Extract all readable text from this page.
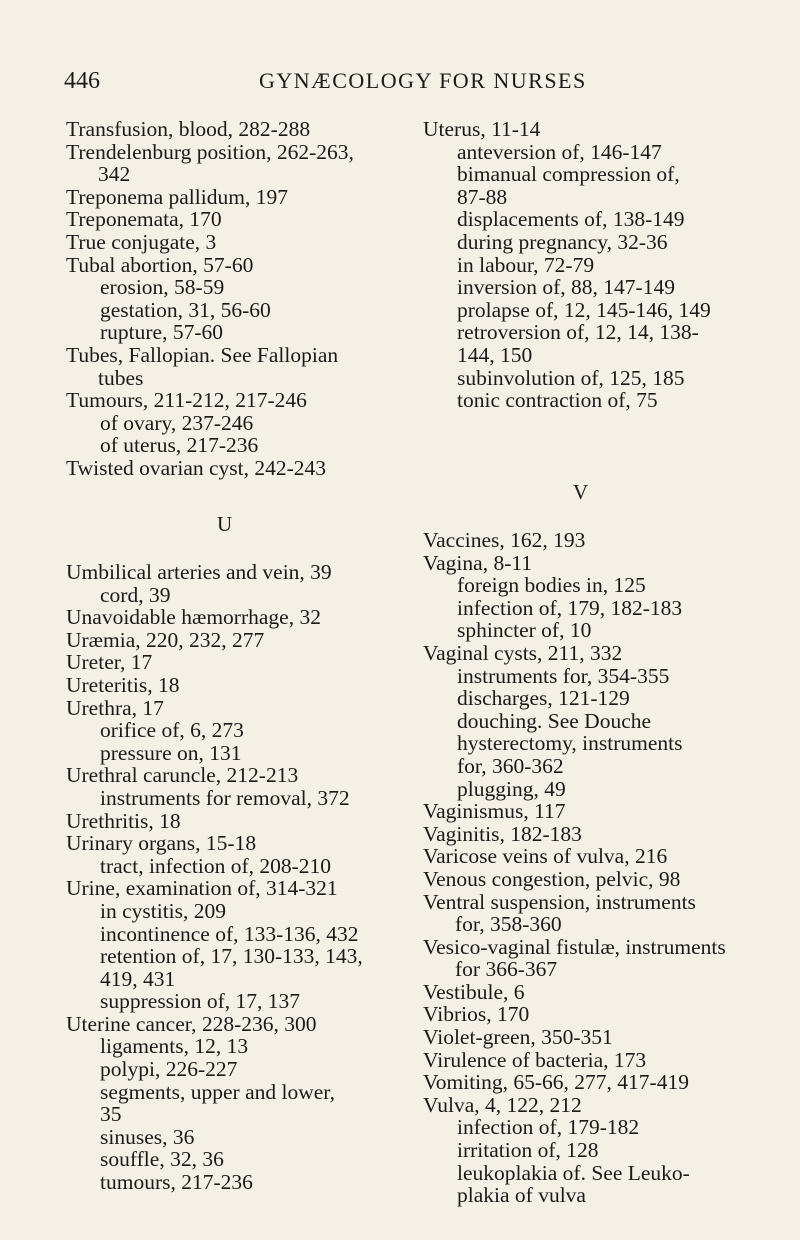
446	GYNÆCOLOGY FOR NURSES
Transfusion, blood, 282-288
Trendelenburg position, 262-263,
342
Treponema pallidum, 197
Treponemata, 170
True conjugate, 3
Tubal abortion, 57-60
erosion, 58-59
gestation, 31, 56-60
rupture, 57-60
Tubes, Fallopian. See Fallopian
tubes
Tumours, 211-212, 217-246
of ovary, 237-246
of uterus, 217-236
Twisted ovarian cyst, 242-243
U
Umbilical arteries and vein, 39
cord, 39
Unavoidable hæmorrhage, 32
Uræmia, 220, 232, 277
Ureter, 17
Ureteritis, 18
Urethra, 17
orifice of, 6, 273
pressure on, 131
Urethral caruncle, 212-213
instruments for removal, 372
Urethritis, 18
Urinary organs, 15-18
tract, infection of, 208-210
Urine, examination of, 314-321
in cystitis, 209
incontinence of, 133-136, 432
retention of, 17, 130-133, 143,
419, 431
suppression of, 17, 137
Uterine cancer, 228-236, 300
ligaments, 12, 13
polypi, 226-227
segments, upper and lower,
35
sinuses, 36
souffle, 32, 36
tumours, 217-236
Uterus, 11-14
anteversion of, 146-147
bimanual compression of,
87-88
displacements of, 138-149
during pregnancy, 32-36
in labour, 72-79
inversion of, 88, 147-149
prolapse of, 12, 145-146, 149
retroversion of, 12, 14, 138-
144, 150
subinvolution of, 125, 185
tonic contraction of, 75
V
Vaccines, 162, 193
Vagina, 8-11
foreign bodies in, 125
infection of, 179, 182-183
sphincter of, 10
Vaginal cysts, 211, 332
instruments for, 354-355
discharges, 121-129
douching. See Douche
hysterectomy, instruments
for, 360-362
plugging, 49
Vaginismus, 117
Vaginitis, 182-183
Varicose veins of vulva, 216
Venous congestion, pelvic, 98
Ventral suspension, instruments
for, 358-360
Vesico-vaginal fistulæ, instruments
for 366-367
Vestibule, 6
Vibrios, 170
Violet-green, 350-351
Virulence of bacteria, 173
Vomiting, 65-66, 277, 417-419
Vulva, 4, 122, 212
infection of, 179-182
irritation of, 128
leukoplakia of. See Leuko-
plakia of vulva
